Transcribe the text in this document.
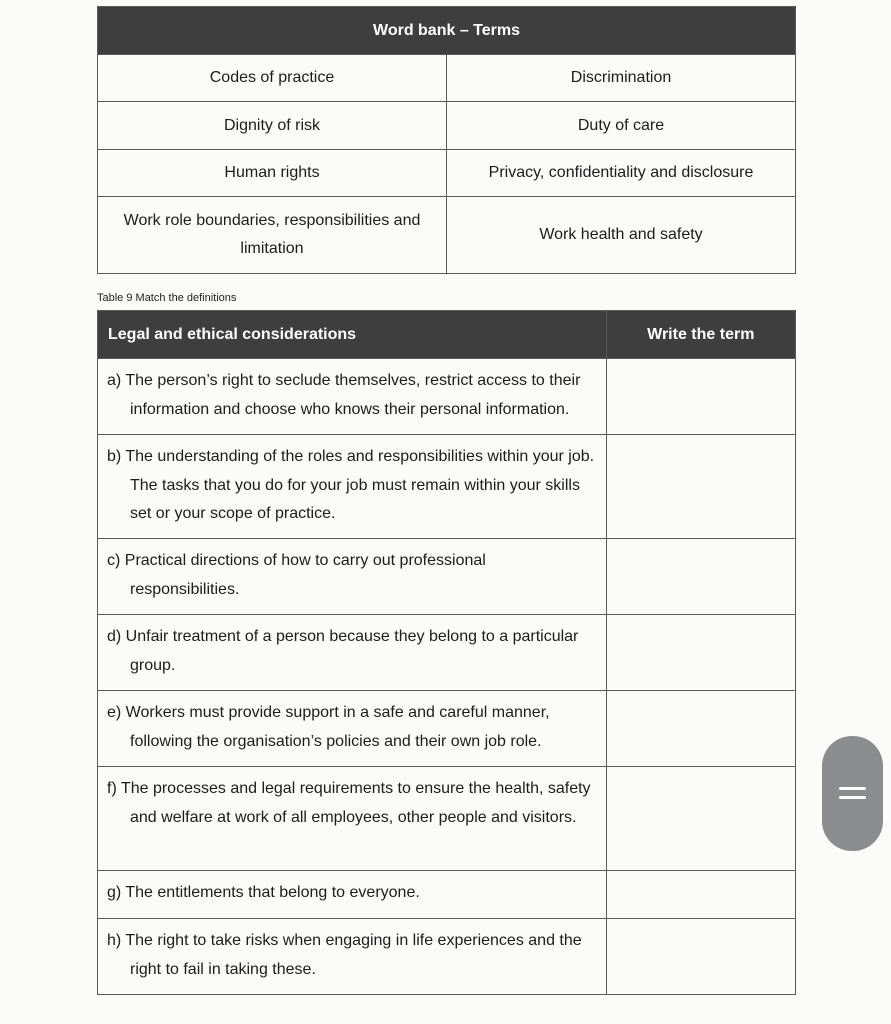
Word bank – Terms	
Codes of practice	Discrimination
Dignity of risk	Duty of care
Human rights	Privacy, confidentiality and disclosure
Work role boundaries, responsibilities and limitation	Work health and safety
Table 9 Match the definitions
Legal and ethical considerations	Write the term

a) The person’s right to seclude themselves, restrict access to their information and choose who knows their personal information.	

b) The understanding of the roles and responsibilities within your job. The tasks that you do for your job must remain within your skills set or your scope of practice.	

c) Practical directions of how to carry out professional responsibilities.	

d) Unfair treatment of a person because they belong to a particular group.	

e) Workers must provide support in a safe and careful manner, following the organisation’s policies and their own job role.	

f) The processes and legal requirements to ensure the health, safety and welfare at work of all employees, other people and visitors.	

g) The entitlements that belong to everyone.	

h) The right to take risks when engaging in life experiences and the right to fail in taking these.	
